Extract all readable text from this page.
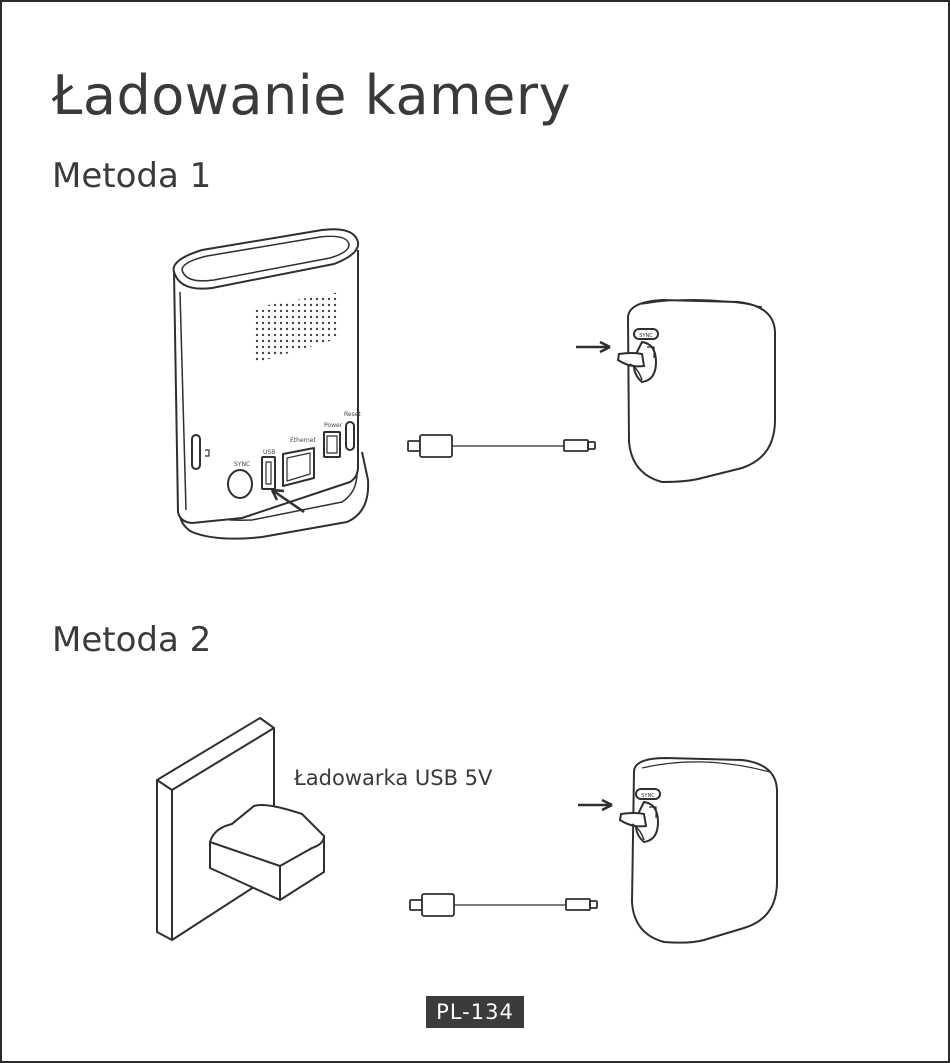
Ładowanie kamery
Metoda 1
Metoda 2
SYNC
USB
Ethernet
Power
Reset
SYNC
Ładowarka USB 5V
SYNC
PL-134
